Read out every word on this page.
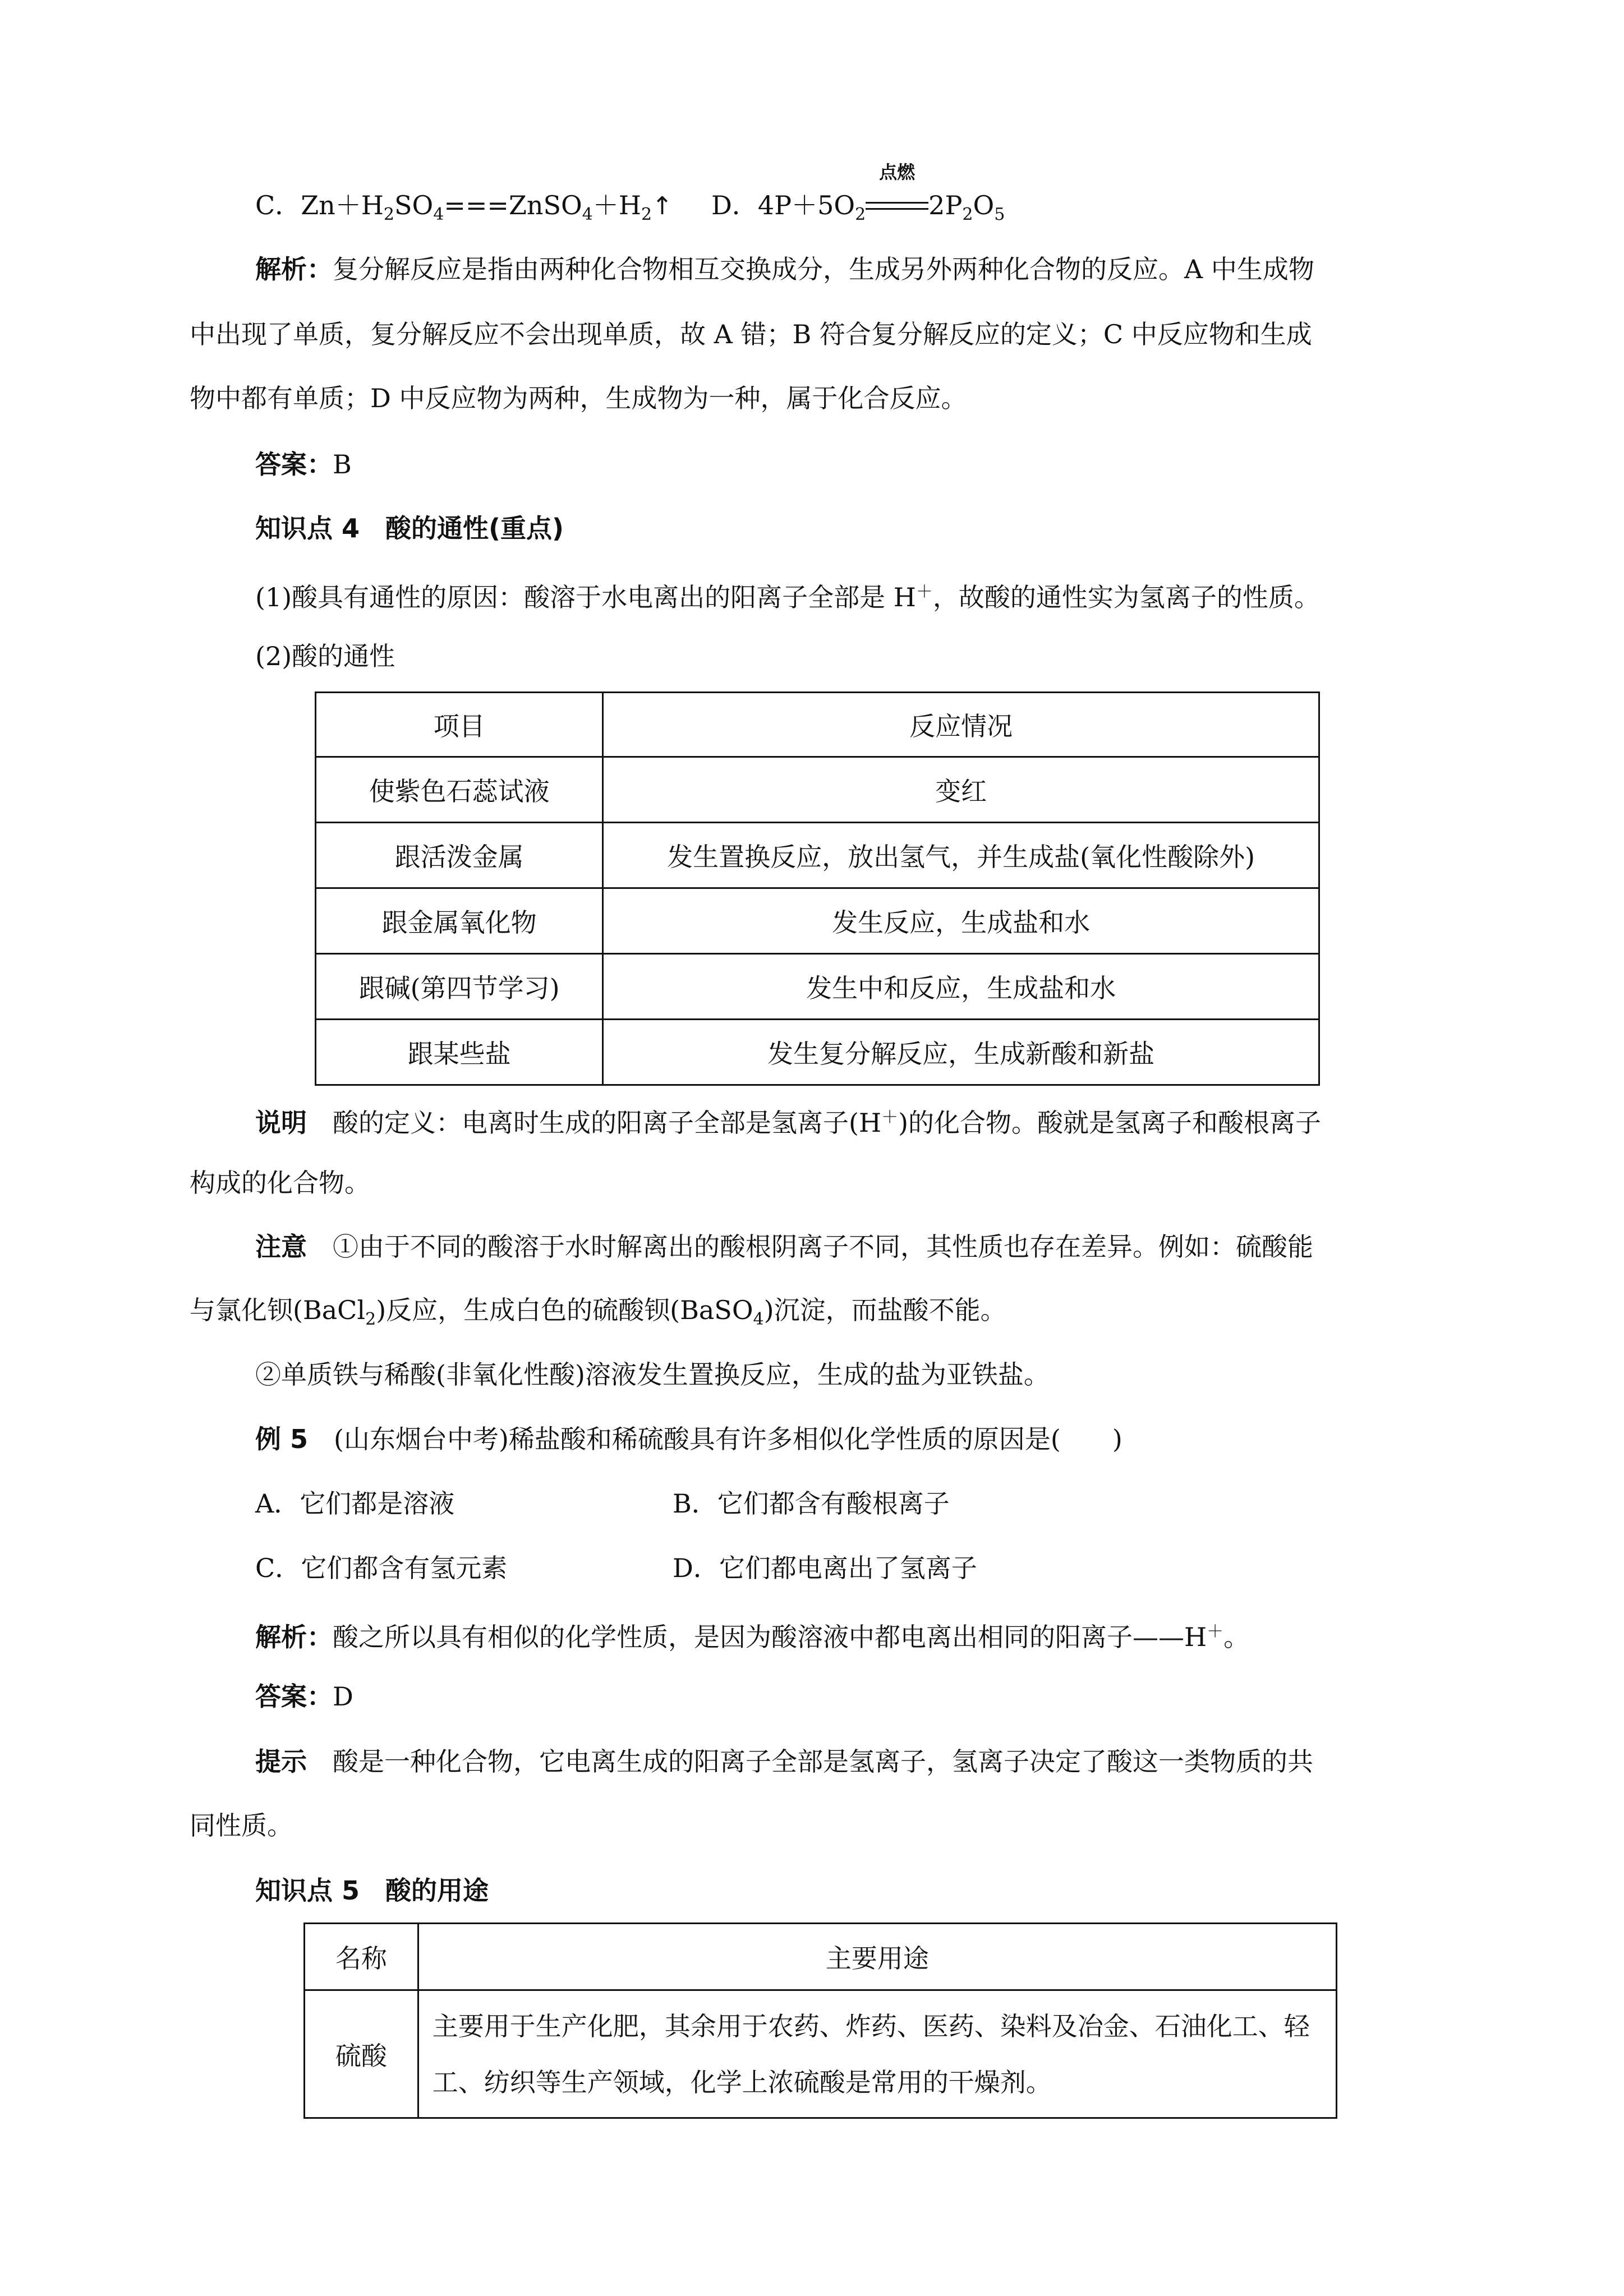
C．$Zn+H_2SO_4===ZnSO_4+H_2↑$ D．$4P+5O_2$
点燃
$2P_2O_5$
解析：复分解反应是指由两种化合物相互交换成分，生成另外两种化合物的反应。A 中生成物
中出现了单质，复分解反应不会出现单质，故 A 错；B 符合复分解反应的定义；C 中反应物和生成
物中都有单质；D 中反应物为两种，生成物为一种，属于化合反应。
答案：B
知识点 4　酸的通性(重点)
(1)酸具有通性的原因：酸溶于水电离出的阳离子全部是 H＋，故酸的通性实为氢离子的性质。
(2)酸的通性
项目	反应情况
使紫色石蕊试液	变红
跟活泼金属	发生置换反应，放出氢气，并生成盐(氧化性酸除外)
跟金属氧化物	发生反应，生成盐和水
跟碱(第四节学习)	发生中和反应，生成盐和水
跟某些盐	发生复分解反应，生成新酸和新盐
说明　酸的定义：电离时生成的阳离子全部是氢离子(H＋)的化合物。酸就是氢离子和酸根离子
构成的化合物。
注意　①由于不同的酸溶于水时解离出的酸根阴离子不同，其性质也存在差异。例如：硫酸能
与氯化钡(BaCl$_2$)反应，生成白色的硫酸钡(BaSO$_4$)沉淀，而盐酸不能。
②单质铁与稀酸(非氧化性酸)溶液发生置换反应，生成的盐为亚铁盐。
例 5　(山东烟台中考)稀盐酸和稀硫酸具有许多相似化学性质的原因是(　　)
A．它们都是溶液	B．它们都含有酸根离子
C．它们都含有氢元素	D．它们都电离出了氢离子
解析：酸之所以具有相似的化学性质，是因为酸溶液中都电离出相同的阳离子——H＋。
答案：D
提示　酸是一种化合物，它电离生成的阳离子全部是氢离子，氢离子决定了酸这一类物质的共
同性质。
知识点 5　酸的用途
名称	主要用途
硫酸	主要用于生产化肥，其余用于农药、炸药、医药、染料及冶金、石油化工、轻工、纺织等生产领域，化学上浓硫酸是常用的干燥剂。
